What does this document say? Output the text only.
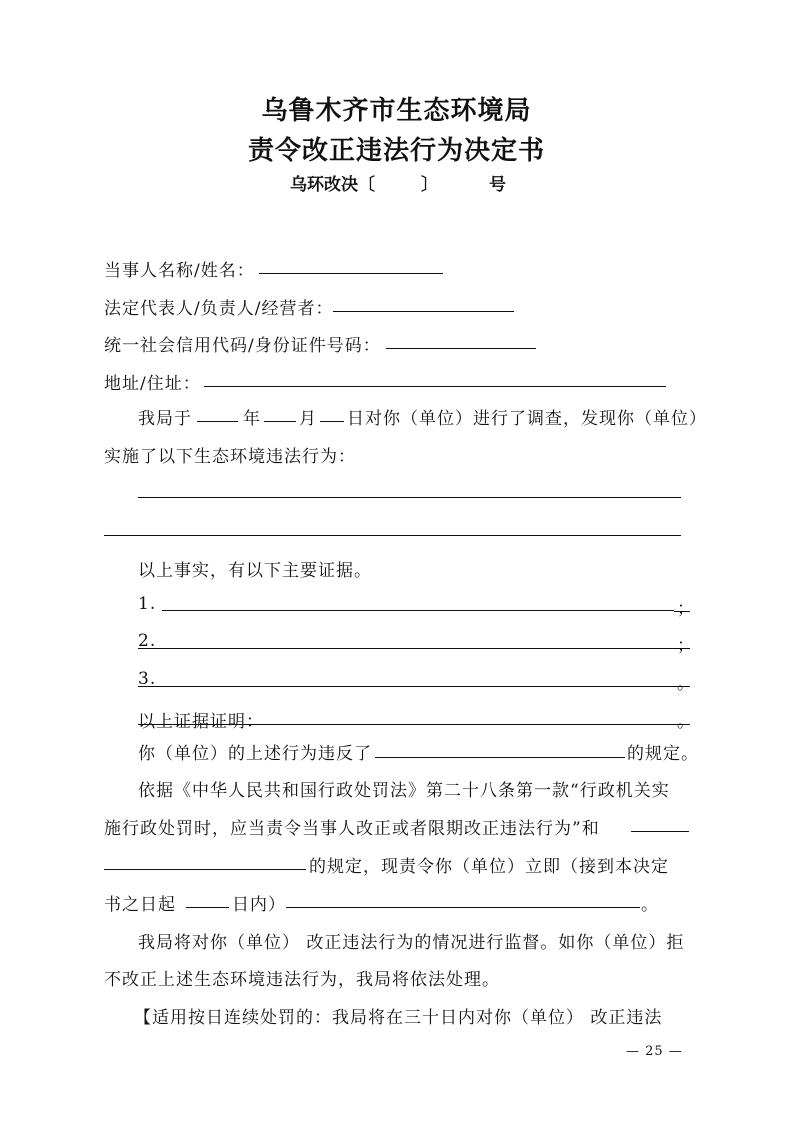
乌鲁木齐市生态环境局
责令改正违法行为决定书
乌环改决〔	〕	号
当事人名称/姓名：
法定代表人/负责人/经营者：
统一社会信用代码/身份证件号码：
地址/住址：
我局于	年 月 日对你（单位）进行了调查，发现你（单位）
实施了以下生态环境违法行为：
以上事实，有以下主要证据。
1.	；
2.	；
3.	。
以上证据证明：	。
你（单位）的上述行为违反了	的规定。
依据《中华人民共和国行政处罚法》第二十八条第一款“行政机关实
施行政处罚时，应当责令当事人改正或者限期改正违法行为”和
的规定，现责令你（单位）立即（接到本决定
书之日起	日内）	。
我局将对你（单位） 改正违法行为的情况进行监督。如你（单位）拒
不改正上述生态环境违法行为，我局将依法处理。
【适用按日连续处罚的：我局将在三十日内对你（单位） 改正违法
— 25 —
